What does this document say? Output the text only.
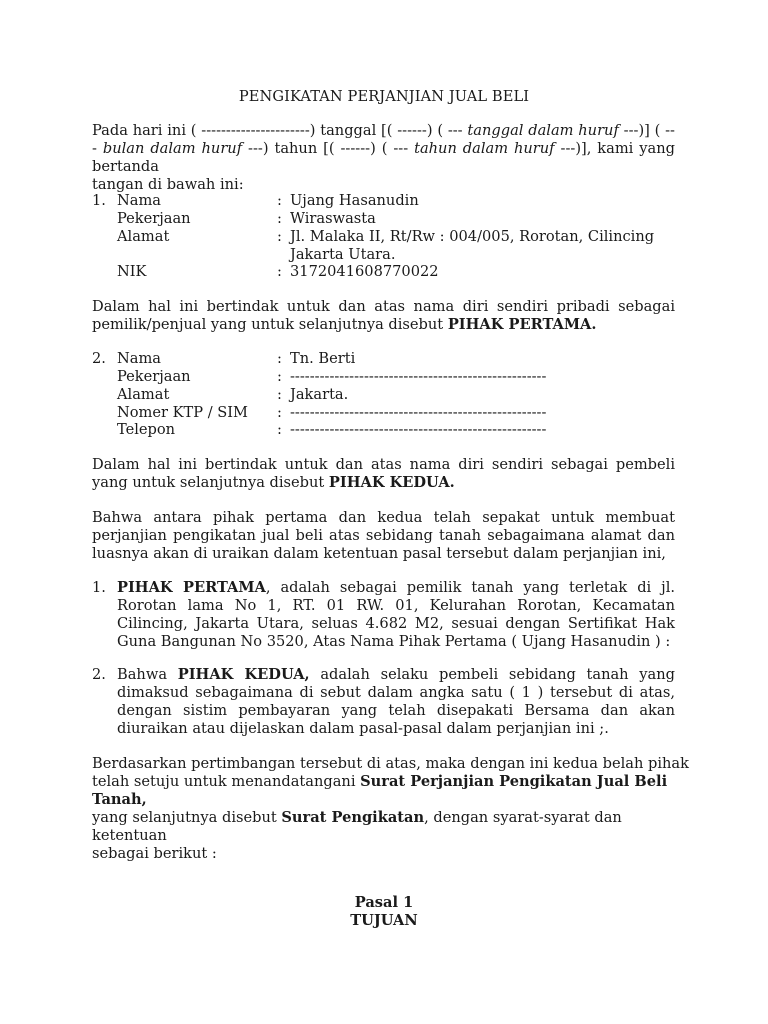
PENGIKATAN PERJANJIAN JUAL BELI
Pada hari ini ( ----------------------) tanggal [( ------) ( --- tanggal dalam huruf ---)] ( --- bulan dalam huruf ---) tahun [( ------) ( --- tahun dalam huruf ---)], kami yang bertanda
tangan di bawah ini:
1. Nama	: Ujang Hasanudin
Pekerjaan	: Wiraswasta
Alamat	: Jl. Malaka II, Rt/Rw : 004/005, Rorotan, Cilincing
Jakarta Utara.
NIK	: 3172041608770022
Dalam hal ini bertindak untuk dan atas nama diri sendiri pribadi sebagai pemilik/penjual yang untuk selanjutnya disebut PIHAK PERTAMA.
2. Nama	: Tn. Berti
Pekerjaan	: ----------------------------------------------------
Alamat	: Jakarta.
Nomer KTP / SIM : ----------------------------------------------------
Telepon	: ----------------------------------------------------
Dalam hal ini bertindak untuk dan atas nama diri sendiri sebagai pembeli yang untuk selanjutnya disebut PIHAK KEDUA.
Bahwa antara pihak pertama dan kedua telah sepakat untuk membuat perjanjian pengikatan jual beli atas sebidang tanah sebagaimana alamat dan luasnya akan di uraikan dalam ketentuan pasal tersebut dalam perjanjian ini,
1. PIHAK PERTAMA, adalah sebagai pemilik tanah yang terletak di jl. Rorotan lama No 1, RT. 01 RW. 01, Kelurahan Rorotan, Kecamatan Cilincing, Jakarta Utara, seluas 4.682 M2, sesuai dengan Sertifikat Hak Guna Bangunan No 3520, Atas Nama Pihak Pertama ( Ujang Hasanudin ) :
2. Bahwa PIHAK KEDUA, adalah selaku pembeli sebidang tanah yang dimaksud sebagaimana di sebut dalam angka satu ( 1 ) tersebut di atas, dengan sistim pembayaran yang telah disepakati Bersama dan akan diuraikan atau dijelaskan dalam pasal-pasal dalam perjanjian ini ;.
Berdasarkan pertimbangan tersebut di atas, maka dengan ini kedua belah pihak
telah setuju untuk menandatangani Surat Perjanjian Pengikatan Jual Beli Tanah,
yang selanjutnya disebut Surat Pengikatan, dengan syarat-syarat dan ketentuan
sebagai berikut :
Pasal 1
TUJUAN
